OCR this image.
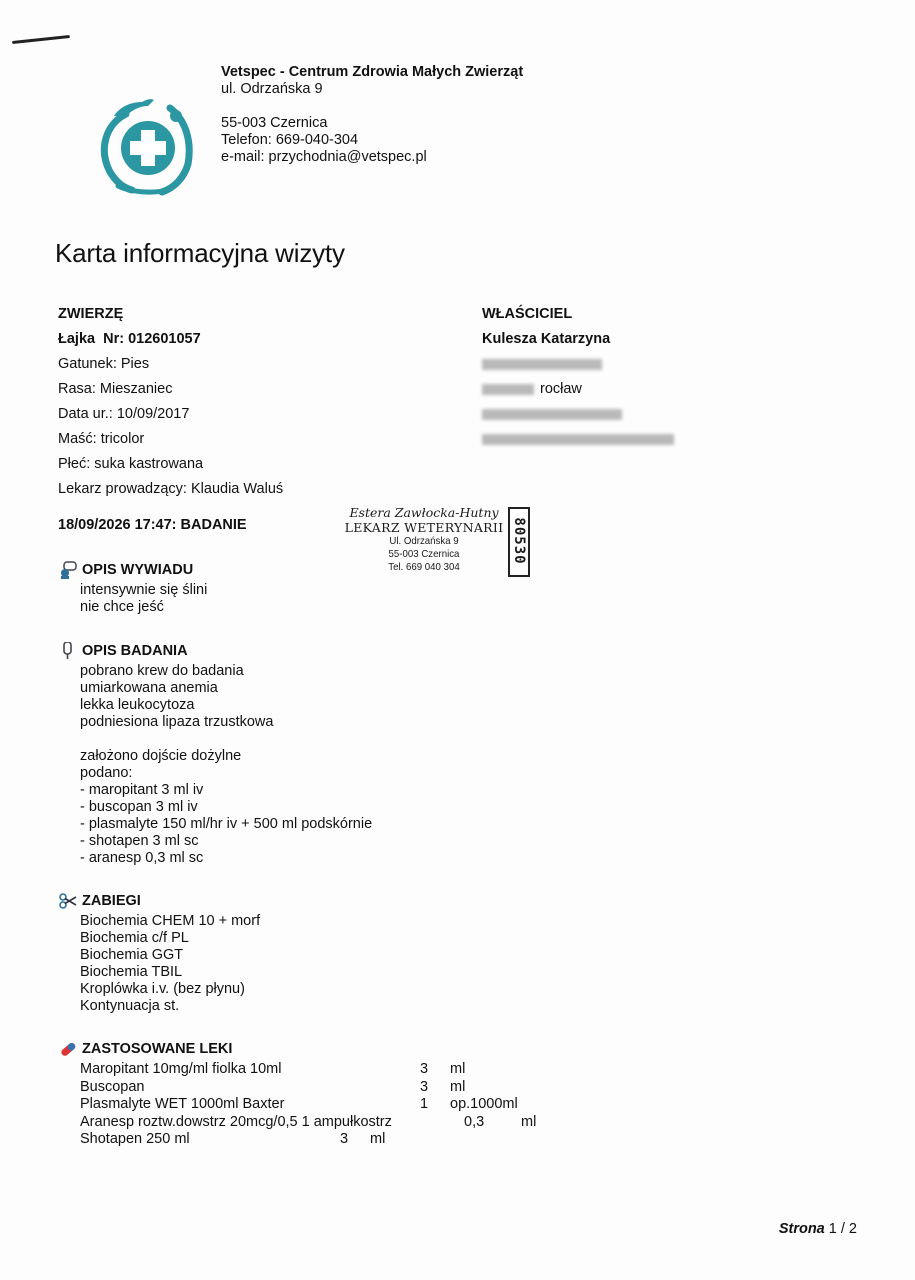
Vetspec - Centrum Zdrowia Małych Zwierząt
ul. Odrzańska 9
55-003 Czernica
Telefon: 669-040-304
e-mail: przychodnia@vetspec.pl
Karta informacyjna wizyty
ZWIERZĘ
Łajka  Nr: 012601057
Gatunek: Pies
Rasa: Mieszaniec
Data ur.: 10/09/2017
Maść: tricolor
Płeć: suka kastrowana
Lekarz prowadzący: Klaudia Waluś
WŁAŚCICIEL
Kulesza Katarzyna
rocław
18/09/2026 17:47: BADANIE
Estera Zawłocka-Hutny
LEKARZ WETERYNARII
Ul. Odrzańska 9
55-003 Czernica
Tel. 669 040 304
80530
OPIS WYWIADU
intensywnie się ślini
nie chce jeść
OPIS BADANIA
pobrano krew do badania
umiarkowana anemia
lekka leukocytoza
podniesiona lipaza trzustkowa
założono dojście dożylne
podano:
- maropitant 3 ml iv
- buscopan 3 ml iv
- plasmalyte 150 ml/hr iv + 500 ml podskórnie
- shotapen 3 ml sc
- aranesp 0,3 ml sc
ZABIEGI
Biochemia CHEM 10 + morf
Biochemia c/f PL
Biochemia GGT
Biochemia TBIL
Kroplówka i.v. (bez płynu)
Kontynuacja st.
ZASTOSOWANE LEKI
Maropitant 10mg/ml fiolka 10ml	3 ml
Buscopan	3 ml
Plasmalyte WET 1000ml Baxter	1 op.1000ml
Aranesp roztw.dowstrz 20mcg/0,5 1 ampułkostrz	0,3	ml
Shotapen 250 ml	3 ml
Strona 1 / 2
